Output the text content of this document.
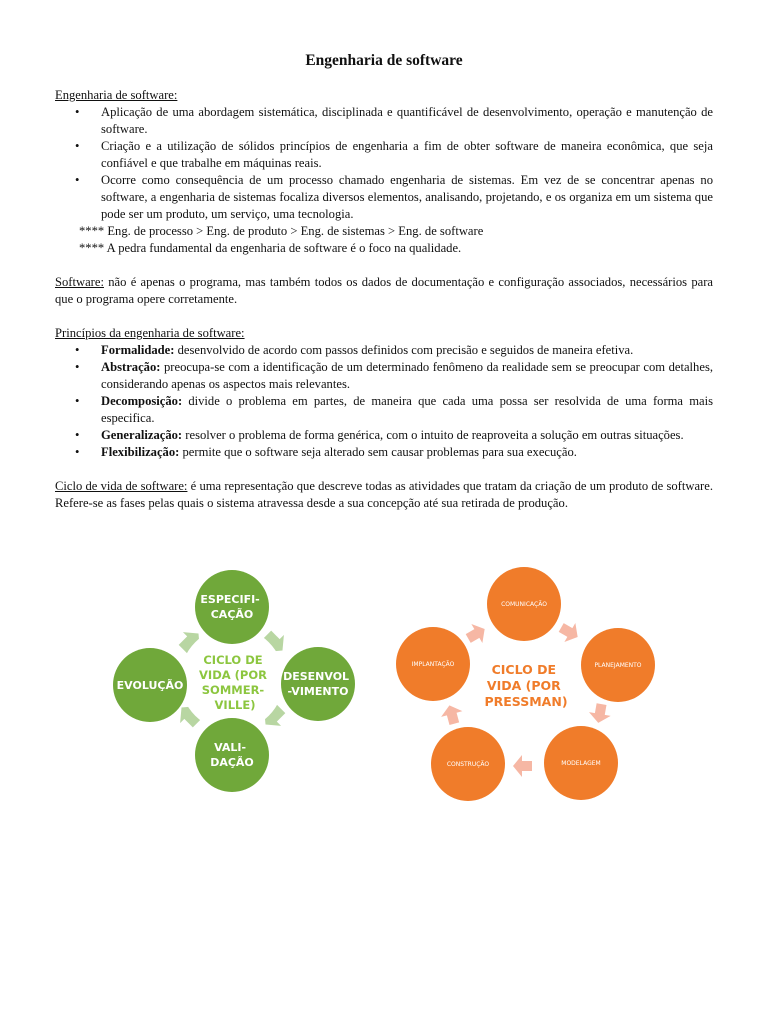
Engenharia de software
Engenharia de software:
• Aplicação de uma abordagem sistemática, disciplinada e quantificável de desenvolvimento, operação e manutenção de software.
• Criação e a utilização de sólidos princípios de engenharia a fim de obter software de maneira econômica, que seja confiável e que trabalhe em máquinas reais.
• Ocorre como consequência de um processo chamado engenharia de sistemas. Em vez de se concentrar apenas no software, a engenharia de sistemas focaliza diversos elementos, analisando, projetando, e os organiza em um sistema que pode ser um produto, um serviço, uma tecnologia.
**** Eng. de processo > Eng. de produto > Eng. de sistemas > Eng. de software
**** A pedra fundamental da engenharia de software é o foco na qualidade.

Software: não é apenas o programa, mas também todos os dados de documentação e configuração associados, necessários para que o programa opere corretamente.

Princípios da engenharia de software:
• Formalidade: desenvolvido de acordo com passos definidos com precisão e seguidos de maneira efetiva.
• Abstração: preocupa-se com a identificação de um determinado fenômeno da realidade sem se preocupar com detalhes, considerando apenas os aspectos mais relevantes.
• Decomposição: divide o problema em partes, de maneira que cada uma possa ser resolvida de uma forma mais especifica.
• Generalização: resolver o problema de forma genérica, com o intuito de reaproveita a solução em outras situações.
• Flexibilização: permite que o software seja alterado sem causar problemas para sua execução.

Ciclo de vida de software: é uma representação que descreve todas as atividades que tratam da criação de um produto de software. Refere-se as fases pelas quais o sistema atravessa desde a sua concepção até sua retirada de produção.

CICLO DE VIDA (POR SOMMER- VILLE)
ESPECIFI- CAÇÃO
DESENVOL -VIMENTO
VALI- DAÇÃO
EVOLUÇÃO
CICLO DE VIDA (POR PRESSMAN)
COMUNICAÇÃO
PLANEJAMENTO
MODELAGEM
CONSTRUÇÃO
IMPLANTAÇÃO
